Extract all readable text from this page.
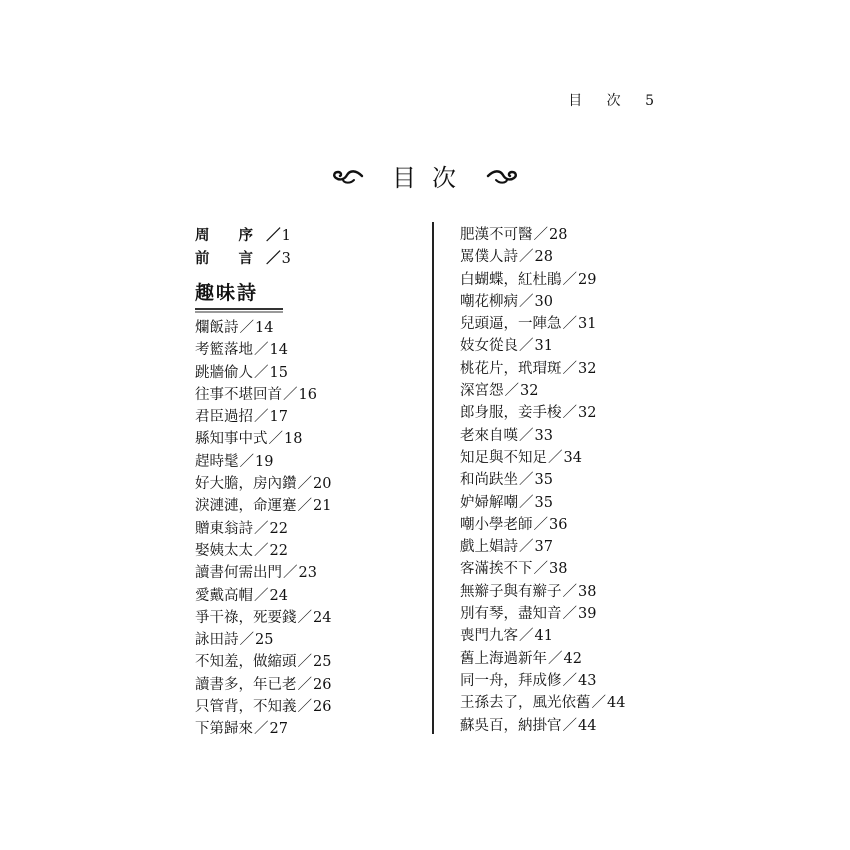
目 次 5
目次
周 序／1
前 言／3
趣味詩
爛飯詩／14
考籃落地／14
跳牆偷人／15
往事不堪回首／16
君臣過招／17
縣知事中式／18
趕時髦／19
好大膽，房內鑽／20
淚漣漣，命運蹇／21
贈東翁詩／22
娶姨太太／22
讀書何需出門／23
愛戴高帽／24
爭干祿，死要錢／24
詠田詩／25
不知羞，做縮頭／25
讀書多，年已老／26
只管背，不知義／26
下第歸來／27
肥漢不可醫／28
罵僕人詩／28
白蝴蝶，紅杜鵑／29
嘲花柳病／30
兒頭逼，一陣急／31
妓女從良／31
桃花片，玳瑁斑／32
深宮怨／32
郎身服，妾手梭／32
老來自嘆／33
知足與不知足／34
和尚趺坐／35
妒婦解嘲／35
嘲小學老師／36
戲上娼詩／37
客滿挨不下／38
無辮子與有辮子／38
別有琴，盡知音／39
喪門九客／41
舊上海過新年／42
同一舟，拜成修／43
王孫去了，風光依舊／44
蘇吳百，納掛官／44
